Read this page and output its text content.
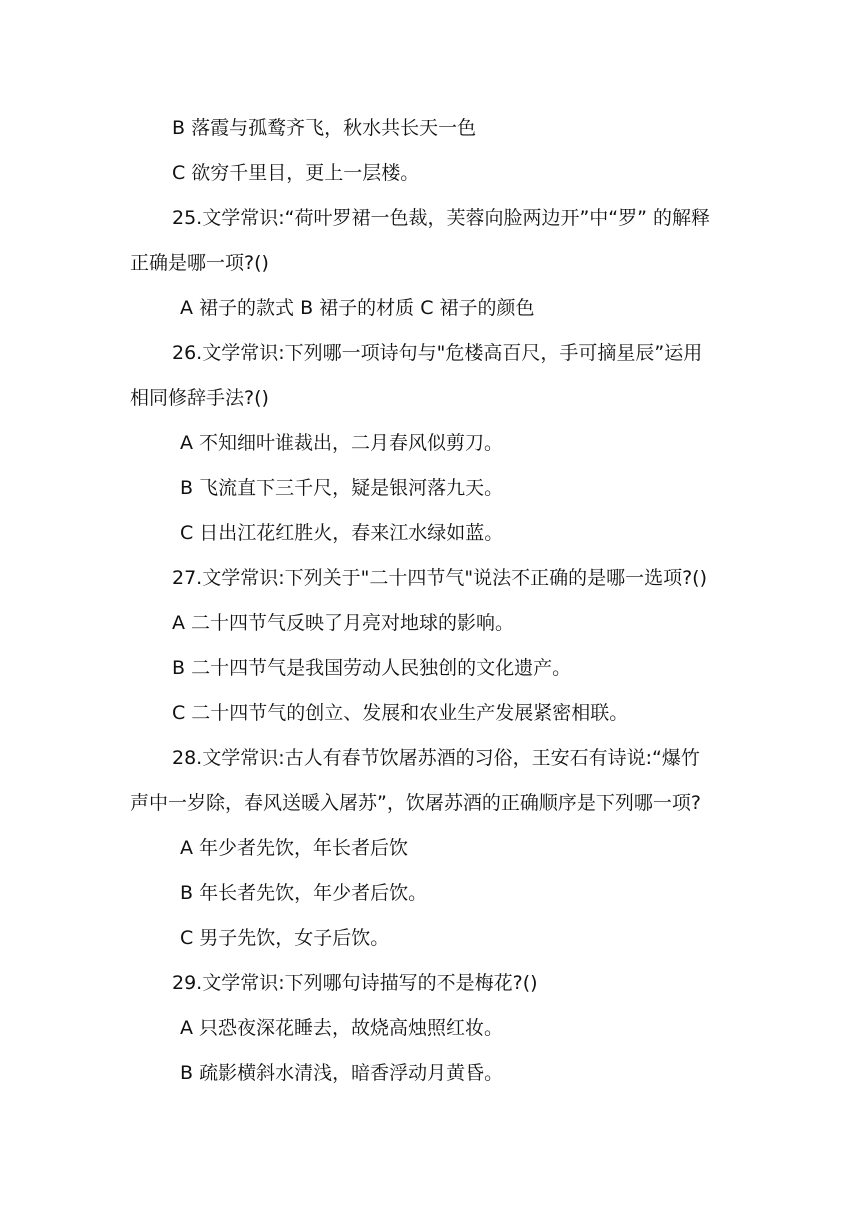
B 落霞与孤鹜齐飞，秋水共长天一色
C 欲穷千里目，更上一层楼。
25.文学常识:“荷叶罗裙一色裁，芙蓉向脸两边开”中“罗” 的解释
正确是哪一项?()
A 裙子的款式 B 裙子的材质 C 裙子的颜色
26.文学常识:下列哪一项诗句与"危楼高百尺，手可摘星辰”运用
相同修辞手法?()
A 不知细叶谁裁出，二月春风似剪刀。
B 飞流直下三千尺，疑是银河落九天。
C 日出江花红胜火，春来江水绿如蓝。
27.文学常识:下列关于"二十四节气"说法不正确的是哪一选项?()
A 二十四节气反映了月亮对地球的影响。
B 二十四节气是我国劳动人民独创的文化遗产。
C 二十四节气的创立、发展和农业生产发展紧密相联。
28.文学常识:古人有春节饮屠苏酒的习俗，王安石有诗说:“爆竹
声中一岁除，春风送暖入屠苏”，饮屠苏酒的正确顺序是下列哪一项?
A 年少者先饮，年长者后饮
B 年长者先饮，年少者后饮。
C 男子先饮，女子后饮。
29.文学常识:下列哪句诗描写的不是梅花?()
A 只恐夜深花睡去，故烧高烛照红妆。
B 疏影横斜水清浅，暗香浮动月黄昏。
